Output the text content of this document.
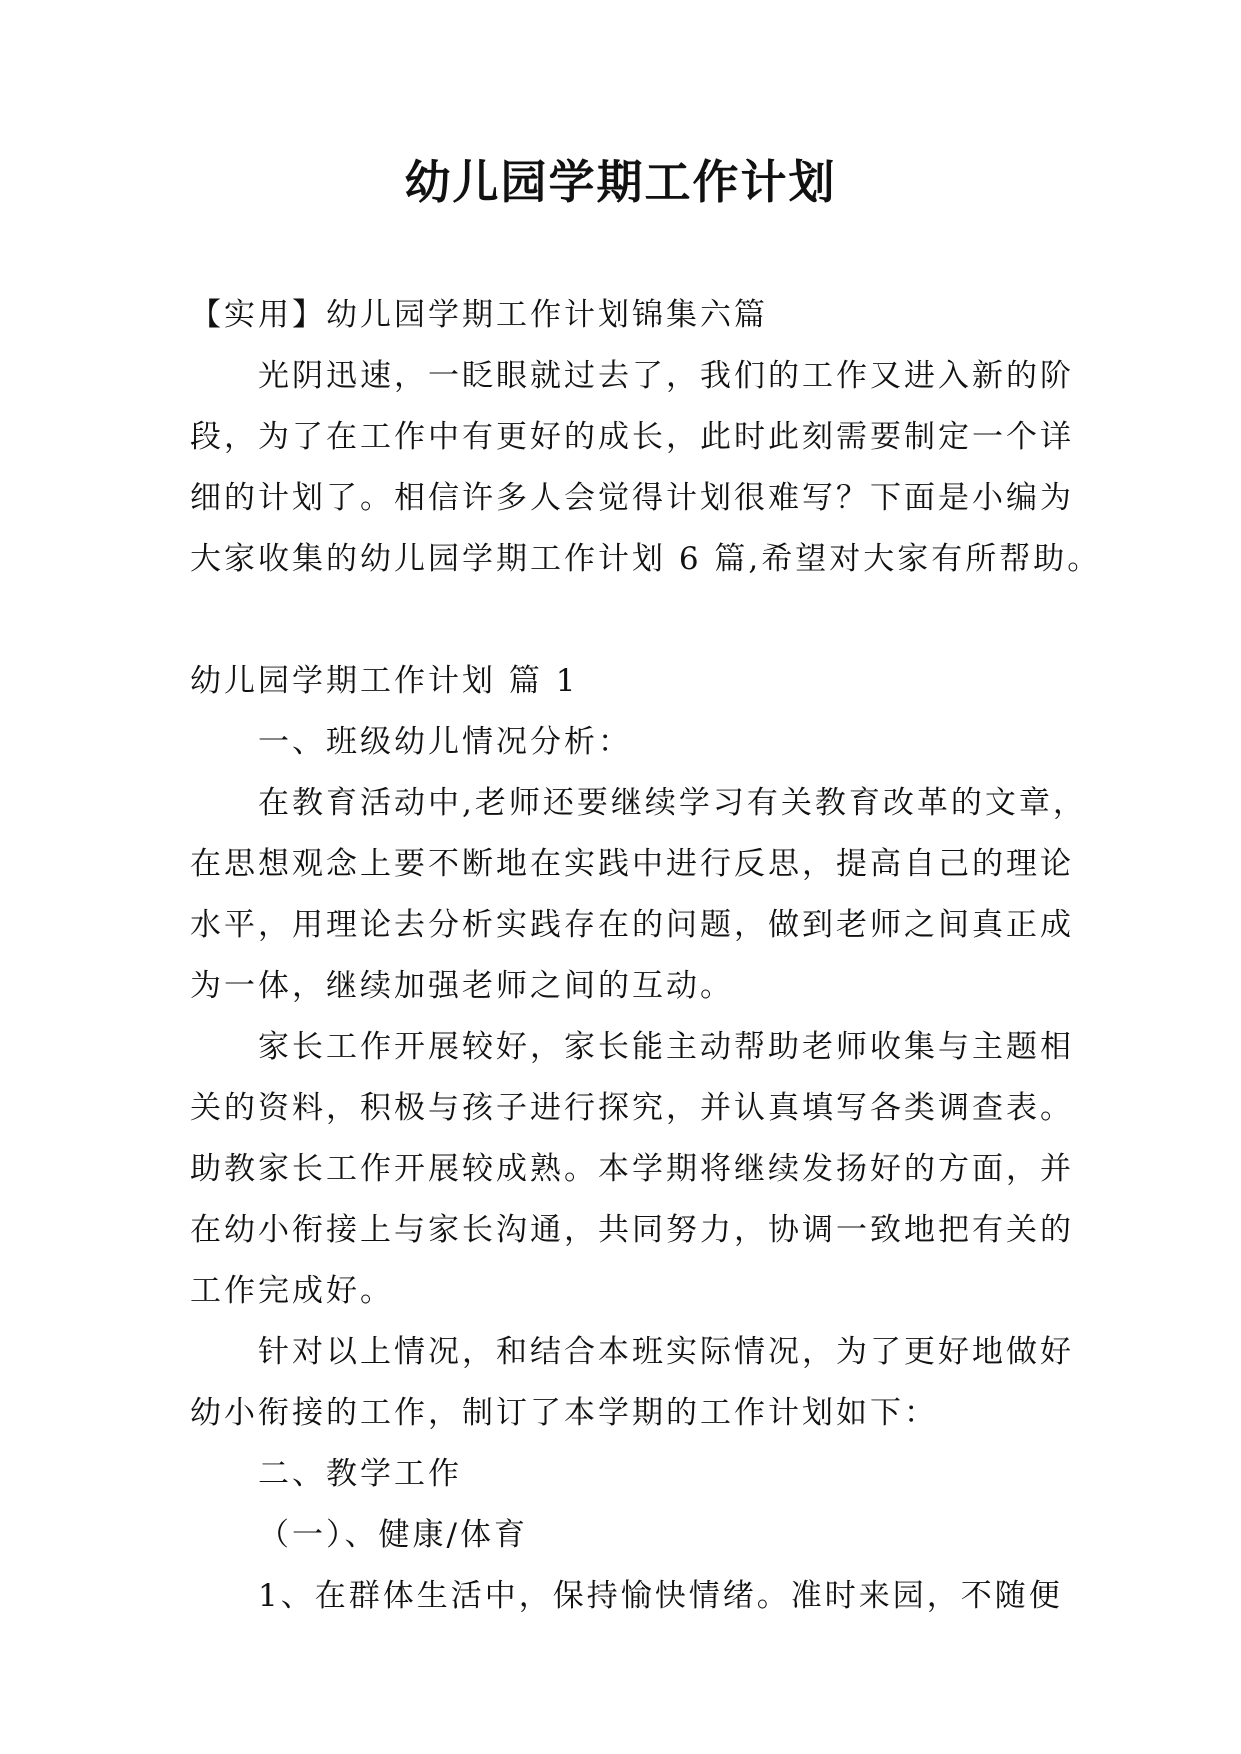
幼儿园学期工作计划
【实用】幼儿园学期工作计划锦集六篇
光阴迅速，一眨眼就过去了，我们的工作又进入新的阶
段，为了在工作中有更好的成长，此时此刻需要制定一个详
细的计划了。相信许多人会觉得计划很难写？下面是小编为
大家收集的幼儿园学期工作计划 6 篇,希望对大家有所帮助。
幼儿园学期工作计划 篇 1
一、班级幼儿情况分析：
在教育活动中,老师还要继续学习有关教育改革的文章，
在思想观念上要不断地在实践中进行反思，提高自己的理论
水平，用理论去分析实践存在的问题，做到老师之间真正成
为一体，继续加强老师之间的互动。
家长工作开展较好，家长能主动帮助老师收集与主题相
关的资料，积极与孩子进行探究，并认真填写各类调查表。
助教家长工作开展较成熟。本学期将继续发扬好的方面，并
在幼小衔接上与家长沟通，共同努力，协调一致地把有关的
工作完成好。
针对以上情况，和结合本班实际情况，为了更好地做好
幼小衔接的工作，制订了本学期的工作计划如下：
二、教学工作
（一）、健康/体育
1、在群体生活中，保持愉快情绪。准时来园，不随便
